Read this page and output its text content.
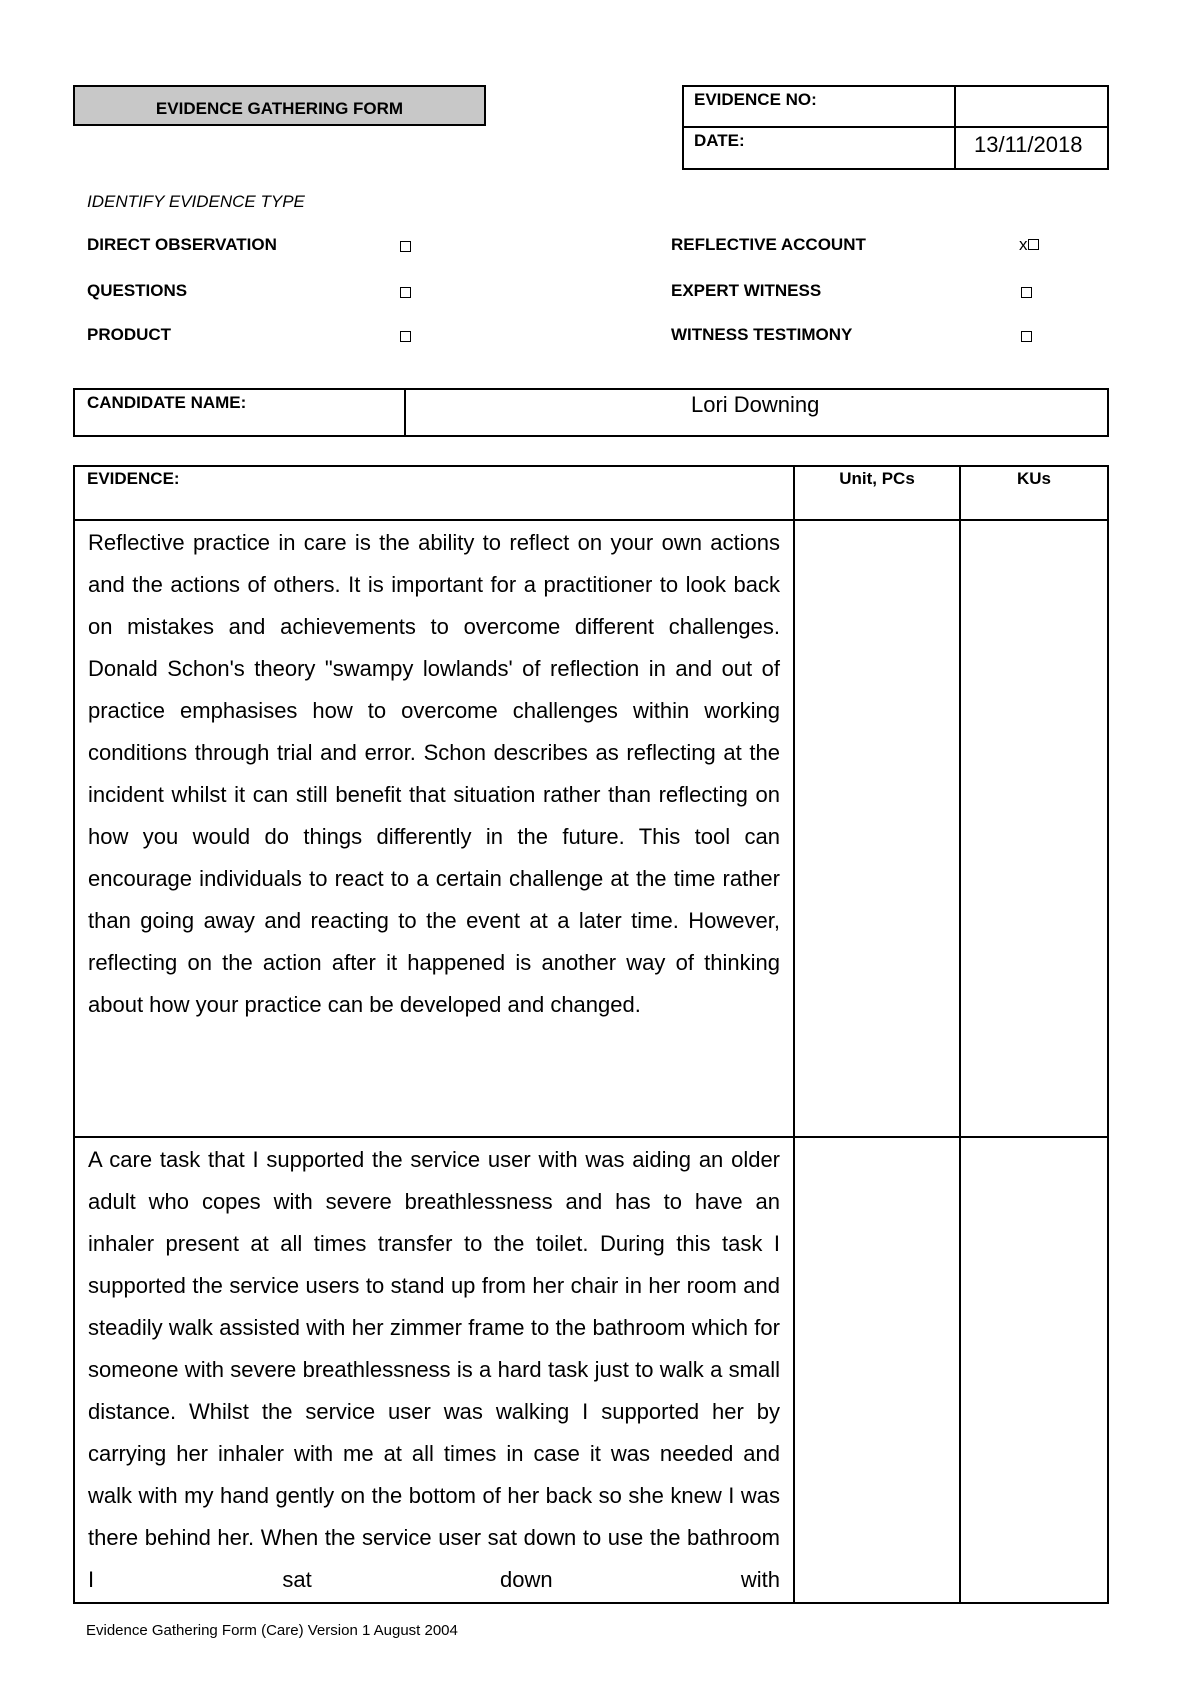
EVIDENCE GATHERING FORM	EVIDENCE NO:	
DATE:	13/11/2018
IDENTIFY EVIDENCE TYPE
DIRECT OBSERVATION
QUESTIONS
PRODUCT
REFLECTIVE ACCOUNT	x
EXPERT WITNESS
WITNESS TESTIMONY
CANDIDATE NAME:	Lori Downing
EVIDENCE:	Unit, PCs	KUs

Reflective practice in care is the ability to reflect on your own actions and the actions of others. It is important for a practitioner to look back on mistakes and achievements to overcome different challenges. Donald Schon's theory "swampy lowlands' of reflection in and out of practice emphasises how to overcome challenges within working conditions through trial and error. Schon describes as reflecting at the incident whilst it can still benefit that situation rather than reflecting on how you would do things differently in the future. This tool can encourage individuals to react to a certain challenge at the time rather than going away and reacting to the event at a later time. However, reflecting on the action after it happened is another way of thinking about how your practice can be developed and changed.		

A care task that I supported the service user with was aiding an older adult who copes with severe breathlessness and has to have an inhaler present at all times transfer to the toilet. During this task I supported the service users to stand up from her chair in her room and steadily walk assisted with her zimmer frame to the bathroom which for someone with severe breathlessness is a hard task just to walk a small distance. Whilst the service user was walking I supported her by carrying her inhaler with me at all times in case it was needed and walk with my hand gently on the bottom of her back so she knew I was there behind her. When the service user sat down to use the bathroom I sat down with		

Evidence Gathering Form (Care) Version 1 August 2004
